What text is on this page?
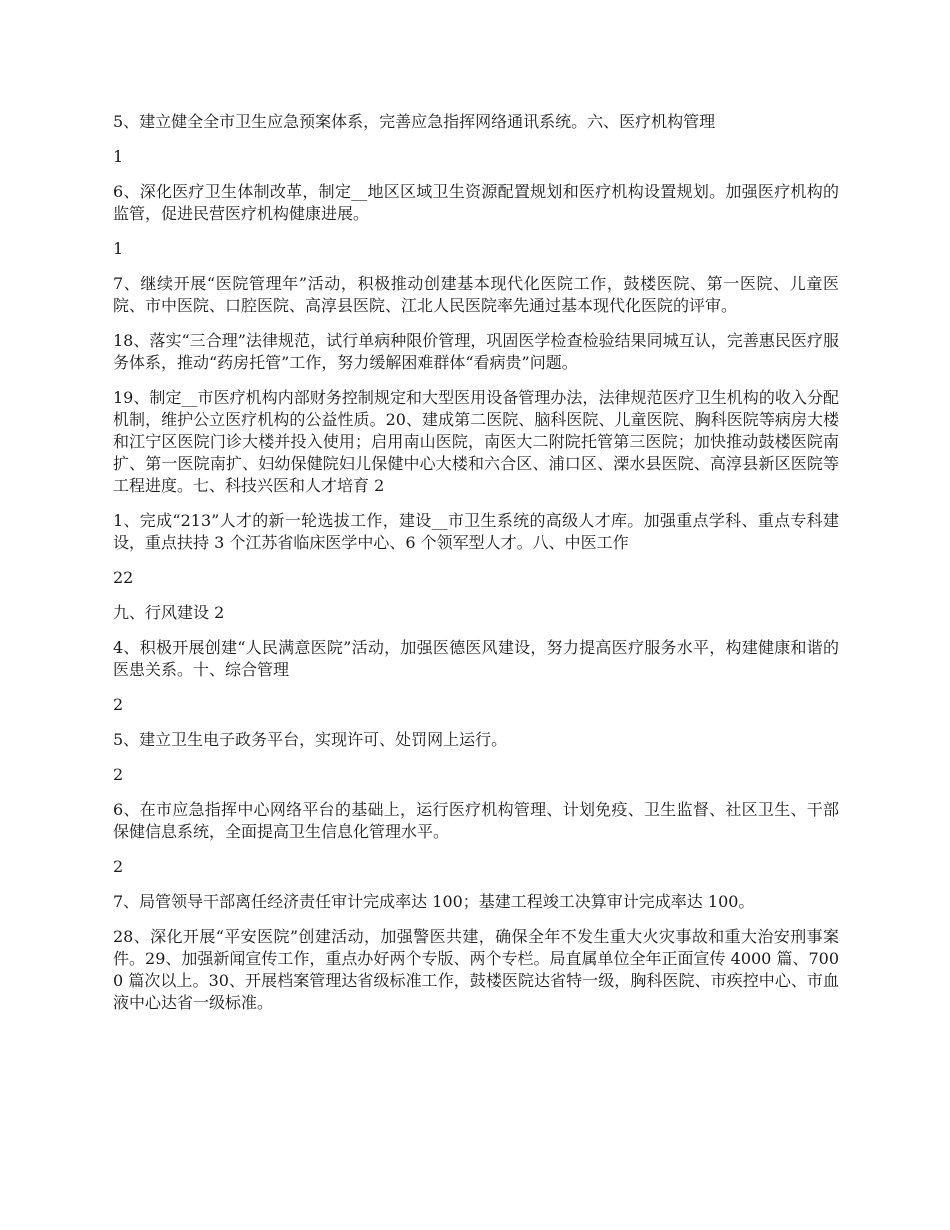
5、建立健全全市卫生应急预案体系，完善应急指挥网络通讯系统。六、医疗机构管理

1

6、深化医疗卫生体制改革，制定__地区区域卫生资源配置规划和医疗机构设置规划。加强医疗机构的监管，促进民营医疗机构健康进展。

1

7、继续开展“医院管理年”活动，积极推动创建基本现代化医院工作，鼓楼医院、第一医院、儿童医院、市中医院、口腔医院、高淳县医院、江北人民医院率先通过基本现代化医院的评审。

18、落实“三合理”法律规范，试行单病种限价管理，巩固医学检查检验结果同城互认，完善惠民医疗服务体系，推动“药房托管”工作，努力缓解困难群体“看病贵”问题。

19、制定__市医疗机构内部财务控制规定和大型医用设备管理办法，法律规范医疗卫生机构的收入分配机制，维护公立医疗机构的公益性质。20、建成第二医院、脑科医院、儿童医院、胸科医院等病房大楼和江宁区医院门诊大楼并投入使用；启用南山医院，南医大二附院托管第三医院；加快推动鼓楼医院南扩、第一医院南扩、妇幼保健院妇儿保健中心大楼和六合区、浦口区、溧水县医院、高淳县新区医院等工程进度。七、科技兴医和人才培育 2

1、完成“213”人才的新一轮选拔工作，建设__市卫生系统的高级人才库。加强重点学科、重点专科建设，重点扶持 3 个江苏省临床医学中心、6 个领军型人才。八、中医工作

22

九、行风建设 2

4、积极开展创建“人民满意医院”活动，加强医德医风建设，努力提高医疗服务水平，构建健康和谐的医患关系。十、综合管理

2

5、建立卫生电子政务平台，实现许可、处罚网上运行。

2

6、在市应急指挥中心网络平台的基础上，运行医疗机构管理、计划免疫、卫生监督、社区卫生、干部保健信息系统，全面提高卫生信息化管理水平。

2

7、局管领导干部离任经济责任审计完成率达 100；基建工程竣工决算审计完成率达 100。

28、深化开展“平安医院”创建活动，加强警医共建，确保全年不发生重大火灾事故和重大治安刑事案件。29、加强新闻宣传工作，重点办好两个专版、两个专栏。局直属单位全年正面宣传 4000 篇、7000 篇次以上。30、开展档案管理达省级标准工作，鼓楼医院达省特一级，胸科医院、市疾控中心、市血液中心达省一级标准。
